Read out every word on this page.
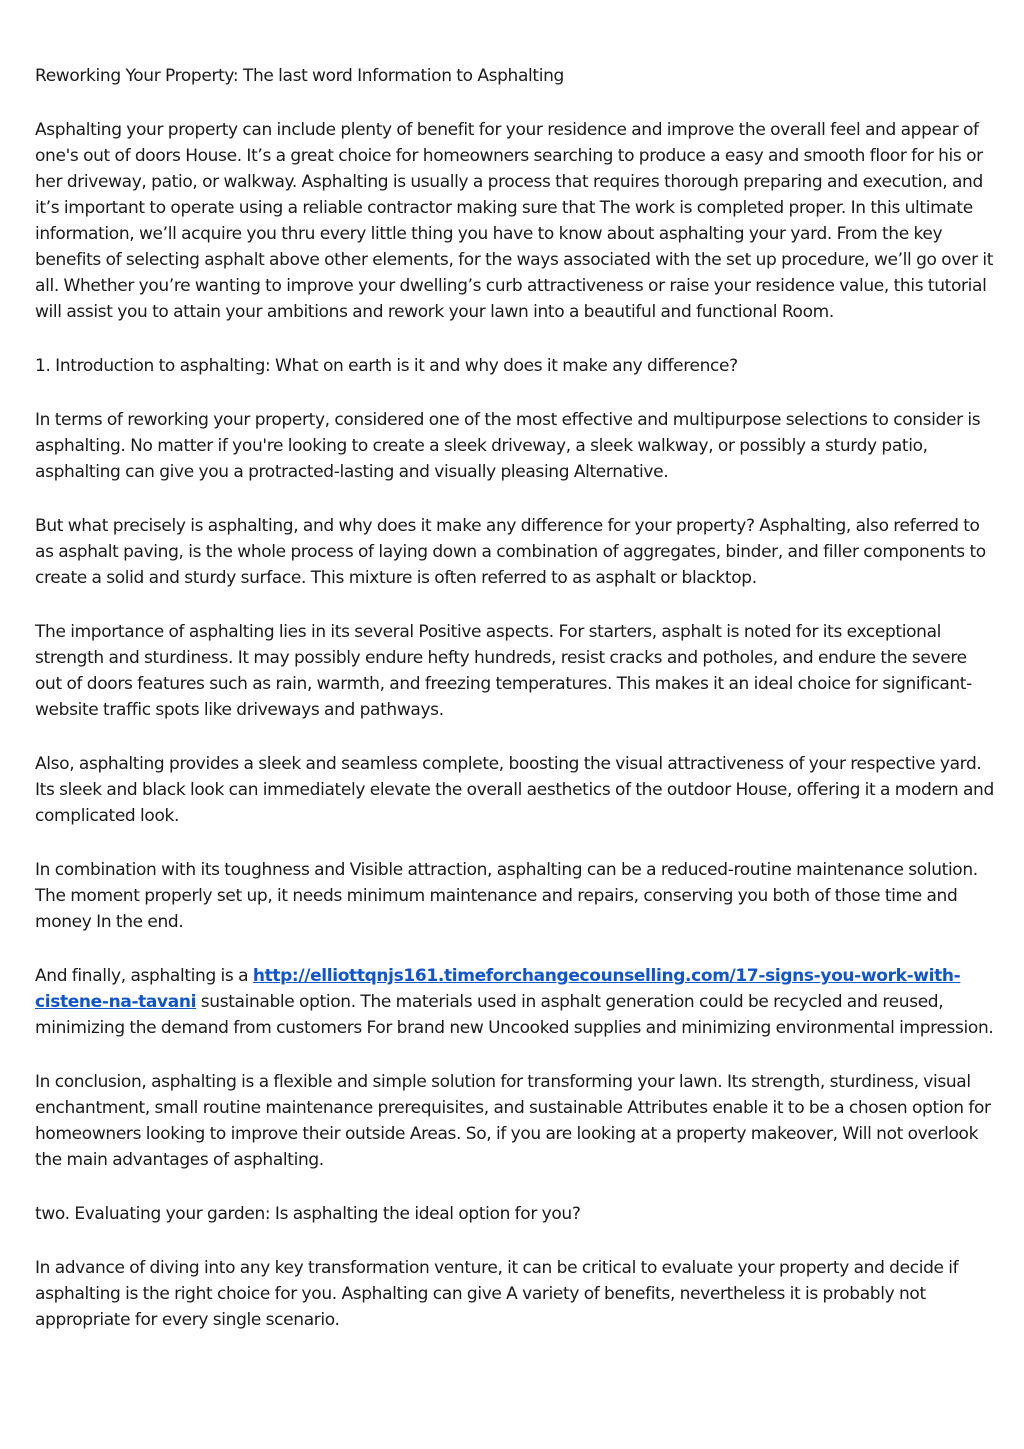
Reworking Your Property: The last word Information to Asphalting

Asphalting your property can include plenty of benefit for your residence and improve the overall feel and appear of one's out of doors House. It’s a great choice for homeowners searching to produce a easy and smooth floor for his or her driveway, patio, or walkway. Asphalting is usually a process that requires thorough preparing and execution, and it’s important to operate using a reliable contractor making sure that The work is completed proper. In this ultimate information, we’ll acquire you thru every little thing you have to know about asphalting your yard. From the key benefits of selecting asphalt above other elements, for the ways associated with the set up procedure, we’ll go over it all. Whether you’re wanting to improve your dwelling’s curb attractiveness or raise your residence value, this tutorial will assist you to attain your ambitions and rework your lawn into a beautiful and functional Room.

1. Introduction to asphalting: What on earth is it and why does it make any difference?

In terms of reworking your property, considered one of the most effective and multipurpose selections to consider is asphalting. No matter if you're looking to create a sleek driveway, a sleek walkway, or possibly a sturdy patio, asphalting can give you a protracted-lasting and visually pleasing Alternative.

But what precisely is asphalting, and why does it make any difference for your property? Asphalting, also referred to as asphalt paving, is the whole process of laying down a combination of aggregates, binder, and filler components to create a solid and sturdy surface. This mixture is often referred to as asphalt or blacktop.

The importance of asphalting lies in its several Positive aspects. For starters, asphalt is noted for its exceptional strength and sturdiness. It may possibly endure hefty hundreds, resist cracks and potholes, and endure the severe out of doors features such as rain, warmth, and freezing temperatures. This makes it an ideal choice for significant-website traffic spots like driveways and pathways.

Also, asphalting provides a sleek and seamless complete, boosting the visual attractiveness of your respective yard. Its sleek and black look can immediately elevate the overall aesthetics of the outdoor House, offering it a modern and complicated look.

In combination with its toughness and Visible attraction, asphalting can be a reduced-routine maintenance solution. The moment properly set up, it needs minimum maintenance and repairs, conserving you both of those time and money In the end.

And finally, asphalting is a http://elliottqnjs161.timeforchangecounselling.com/17-signs-you-work-with-cistene-na-tavani sustainable option. The materials used in asphalt generation could be recycled and reused, minimizing the demand from customers For brand new Uncooked supplies and minimizing environmental impression.

In conclusion, asphalting is a flexible and simple solution for transforming your lawn. Its strength, sturdiness, visual enchantment, small routine maintenance prerequisites, and sustainable Attributes enable it to be a chosen option for homeowners looking to improve their outside Areas. So, if you are looking at a property makeover, Will not overlook the main advantages of asphalting.

two. Evaluating your garden: Is asphalting the ideal option for you?

In advance of diving into any key transformation venture, it can be critical to evaluate your property and decide if asphalting is the right choice for you. Asphalting can give A variety of benefits, nevertheless it is probably not appropriate for every single scenario.
